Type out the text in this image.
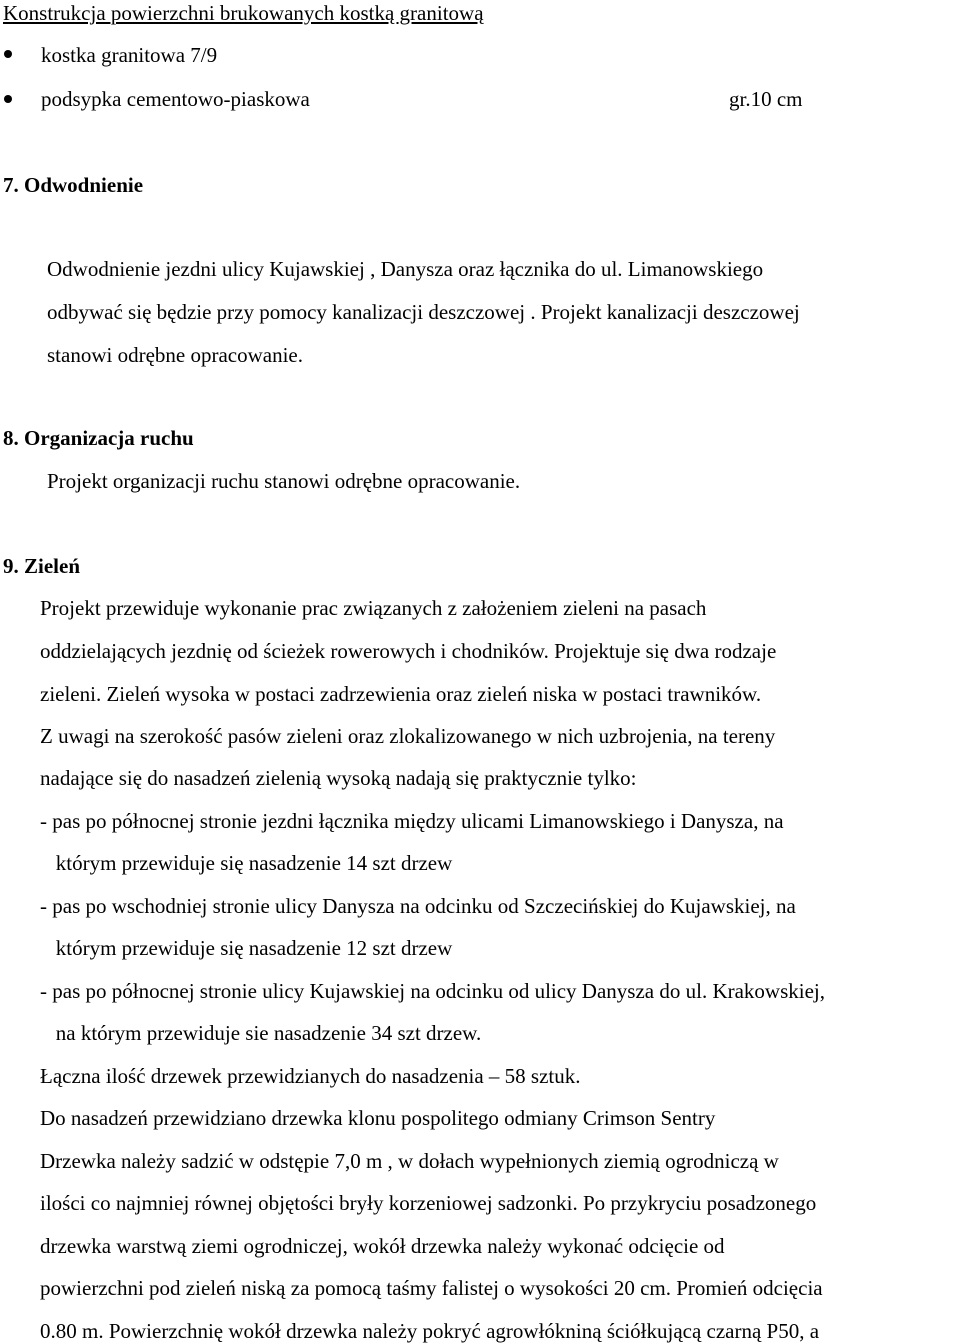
Konstrukcja powierzchni brukowanych kostką granitową

kostka granitowa 7/9

podsypka cementowo-piaskowa	gr.10 cm

7. Odwodnienie

Odwodnienie jezdni ulicy Kujawskiej , Danysza oraz łącznika do ul. Limanowskiego

odbywać się będzie przy pomocy kanalizacji deszczowej . Projekt kanalizacji deszczowej

stanowi odrębne opracowanie.

8. Organizacja ruchu

Projekt organizacji ruchu stanowi odrębne opracowanie.

9. Zieleń

Projekt przewiduje wykonanie prac związanych z założeniem zieleni na pasach

oddzielających jezdnię od ścieżek rowerowych i chodników. Projektuje się dwa rodzaje

zieleni. Zieleń wysoka w postaci zadrzewienia oraz zieleń niska w postaci trawników.

Z uwagi na szerokość pasów zieleni oraz zlokalizowanego w nich uzbrojenia, na tereny

nadające się do nasadzeń zielenią wysoką nadają się praktycznie tylko:

- pas po północnej stronie jezdni łącznika między ulicami Limanowskiego i Danysza, na

którym przewiduje się nasadzenie 14 szt drzew

- pas po wschodniej stronie ulicy Danysza na odcinku od Szczecińskiej do Kujawskiej, na

którym przewiduje się nasadzenie 12 szt drzew

- pas po północnej stronie ulicy Kujawskiej na odcinku od ulicy Danysza do ul. Krakowskiej,

na którym przewiduje sie nasadzenie 34 szt drzew.

Łączna ilość drzewek przewidzianych do nasadzenia – 58 sztuk.

Do nasadzeń przewidziano drzewka klonu pospolitego odmiany Crimson Sentry

Drzewka należy sadzić w odstępie 7,0 m , w dołach wypełnionych ziemią ogrodniczą w

ilości co najmniej równej objętości bryły korzeniowej sadzonki. Po przykryciu posadzonego

drzewka warstwą ziemi ogrodniczej, wokół drzewka należy wykonać odcięcie od

powierzchni pod zieleń niską za pomocą taśmy falistej o wysokości 20 cm. Promień odcięcia

0.80 m. Powierzchnię wokół drzewka należy pokryć agrowłókniną ściółkującą czarną P50, a
